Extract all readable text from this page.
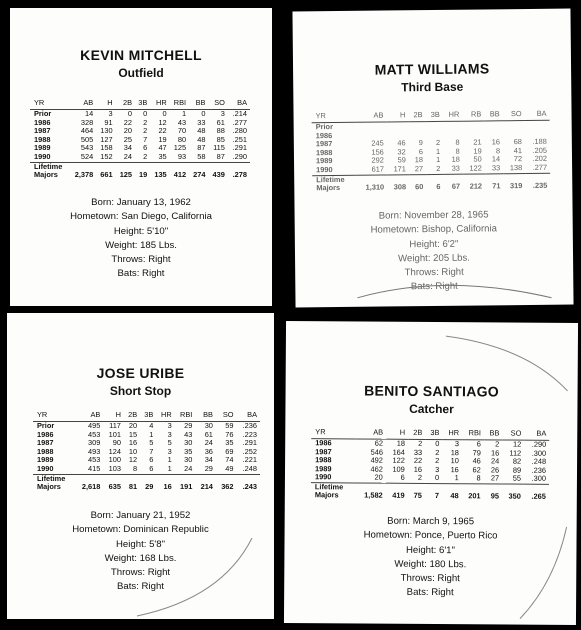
KEVIN MITCHELL
Outfield
YR	AB	H	2B	3B	HR	RBI	BB	SO	BA
Prior	14	3	0	0	0	1	0	3	.214
1986	328	91	22	2	12	43	33	61	.277
1987	464	130	20	2	22	70	48	88	.280
1988	505	127	25	7	19	80	48	85	.251
1989	543	158	34	6	47	125	87	115	.291
1990	524	152	24	2	35	93	58	87	.290
Lifetime									
Majors	2,378	661	125	19	135	412	274	439	.278
Born: January 13, 1962
Hometown: San Diego, California
Height: 5'10"
Weight: 185 Lbs.
Throws: Right
Bats: Right
MATT WILLIAMS
Third Base
YR	AB	H	2B	3B	HR	RB	BB	SO	BA
Prior									
1986									
1987	245	46	9	2	8	21	16	68	.188
1988	156	32	6	1	8	19	8	41	.205
1989	292	59	18	1	18	50	14	72	.202
1990	617	171	27	2	33	122	33	138	.277
Lifetime									
Majors	1,310	308	60	6	67	212	71	319	.235
Born: November 28, 1965
Hometown: Bishop, California
Height: 6'2"
Weight: 205 Lbs.
Throws: Right
Bats: Right
JOSE URIBE
Short Stop
YR	AB	H	2B	3B	HR	RBI	BB	SO	BA
Prior	495	117	20	4	3	29	30	59	.236
1986	453	101	15	1	3	43	61	76	.223
1987	309	90	16	5	5	30	24	35	.291
1988	493	124	10	7	3	35	36	69	.252
1989	453	100	12	6	1	30	34	74	.221
1990	415	103	8	6	1	24	29	49	.248
Lifetime									
Majors	2,618	635	81	29	16	191	214	362	.243
Born: January 21, 1952
Hometown: Dominican Republic
Height: 5'8"
Weight: 168 Lbs.
Throws: Right
Bats: Right
BENITO SANTIAGO
Catcher
YR	AB	H	2B	3B	HR	RBI	BB	SO	BA
1986	62	18	2	0	3	6	2	12	.290
1987	546	164	33	2	18	79	16	112	.300
1988	492	122	22	2	10	46	24	82	.248
1989	462	109	16	3	16	62	26	89	.236
1990	20	6	2	0	1	8	27	55	.300
Lifetime									
Majors	1,582	419	75	7	48	201	95	350	.265
Born: March 9, 1965
Hometown: Ponce, Puerto Rico
Height: 6'1"
Weight: 180 Lbs.
Throws: Right
Bats: Right
